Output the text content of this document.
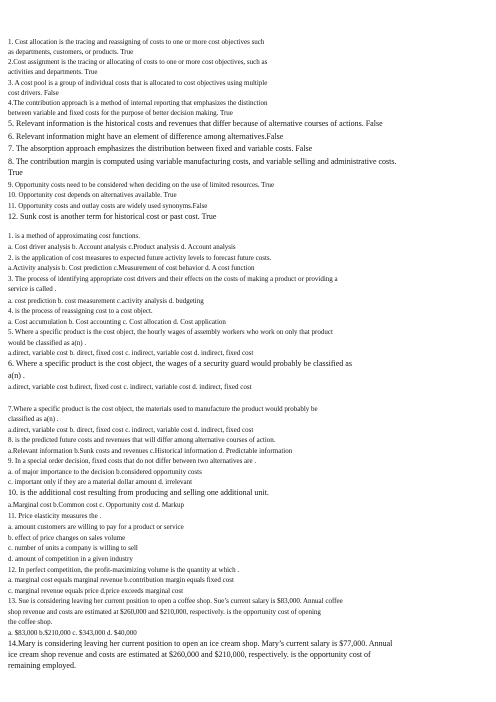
1. Cost allocation is the tracing and reassigning of costs to one or more cost objectives such
as departments, customers, or products. True
2.Cost assignment is the tracing or allocating of costs to one or more cost objectives, such as
activities and departments. True
3. A cost pool is a group of individual costs that is allocated to cost objectives using multiple
cost drivers. False
4.The contribution approach is a method of internal reporting that emphasizes the distinction
between variable and fixed costs for the purpose of better decision making. True
5. Relevant information is the historical costs and revenues that differ because of alternative courses of actions. False
6. Relevant information might have an element of difference among alternatives.False
7. The absorption approach emphasizes the distribution between fixed and variable costs. False
8. The contribution margin is computed using variable manufacturing costs, and variable selling and administrative costs.
True
9. Opportunity costs need to be considered when deciding on the use of limited resources. True
10. Opportunity cost depends on alternatives available. True
11. Opportunity costs and outlay costs are widely used synonyms.False
12. Sunk cost is another term for historical cost or past cost. True
1. is a method of approximating cost functions.
a. Cost driver analysis b. Account analysis c.Product analysis d. Account analysis
2. is the application of cost measures to expected future activity levels to forecast future costs.
a.Activity analysis b. Cost prediction c.Measurement of cost behavior d. A cost function
3. The process of identifying appropriate cost drivers and their effects on the costs of making a product or providing a
service is called .
a. cost prediction b. cost measurement c.activity analysis d. budgeting
4. is the process of reassigning cost to a cost object.
a. Cost accumulation b. Cost accounting c. Cost allocation d. Cost application
5. Where a specific product is the cost object, the hourly wages of assembly workers who work on only that product
would be classified as a(n) .
a.direct, variable cost b. direct, fixed cost c. indirect, variable cost d. indirect, fixed cost
6. Where a specific product is the cost object, the wages of a security guard would probably be classified as
a(n) .
a.direct, variable cost b.direct, fixed cost c. indirect, variable cost d. indirect, fixed cost
7.Where a specific product is the cost object, the materials used to manufacture the product would probably be
classified as a(n) .
a.direct, variable cost b. direct, fixed cost c. indirect, variable cost d. indirect, fixed cost
8. is the predicted future costs and revenues that will differ among alternative courses of action.
a.Relevant information b.Sunk costs and revenues c.Historical information d. Predictable information
9. In a special order decision, fixed costs that do not differ between two alternatives are .
a. of major importance to the decision b.considered opportunity costs
c. important only if they are a material dollar amount d. irrelevant
10. is the additional cost resulting from producing and selling one additional unit.
a.Marginal cost b.Common cost c. Opportunity cost d. Markup
11. Price elasticity measures the .
a. amount customers are willing to pay for a product or service
b. effect of price changes on sales volume
c. number of units a company is willing to sell
d. amount of competition in a given industry
12. In perfect competition, the profit-maximizing volume is the quantity at which .
a. marginal cost equals marginal revenue b.contribution margin equals fixed cost
c. marginal revenue equals price d.price exceeds marginal cost
13. Sue is considering leaving her current position to open a coffee shop. Sue’s current salary is $83,000. Annual coffee
shop revenue and costs are estimated at $260,000 and $210,000, respectively. is the opportunity cost of opening
the coffee shop.
a. $83,000 b.$210,000 c. $343,000 d. $40,000
14.Mary is considering leaving her current position to open an ice cream shop. Mary’s current salary is $77,000. Annual
ice cream shop revenue and costs are estimated at $260,000 and $210,000, respectively. is the opportunity cost of
remaining employed.
